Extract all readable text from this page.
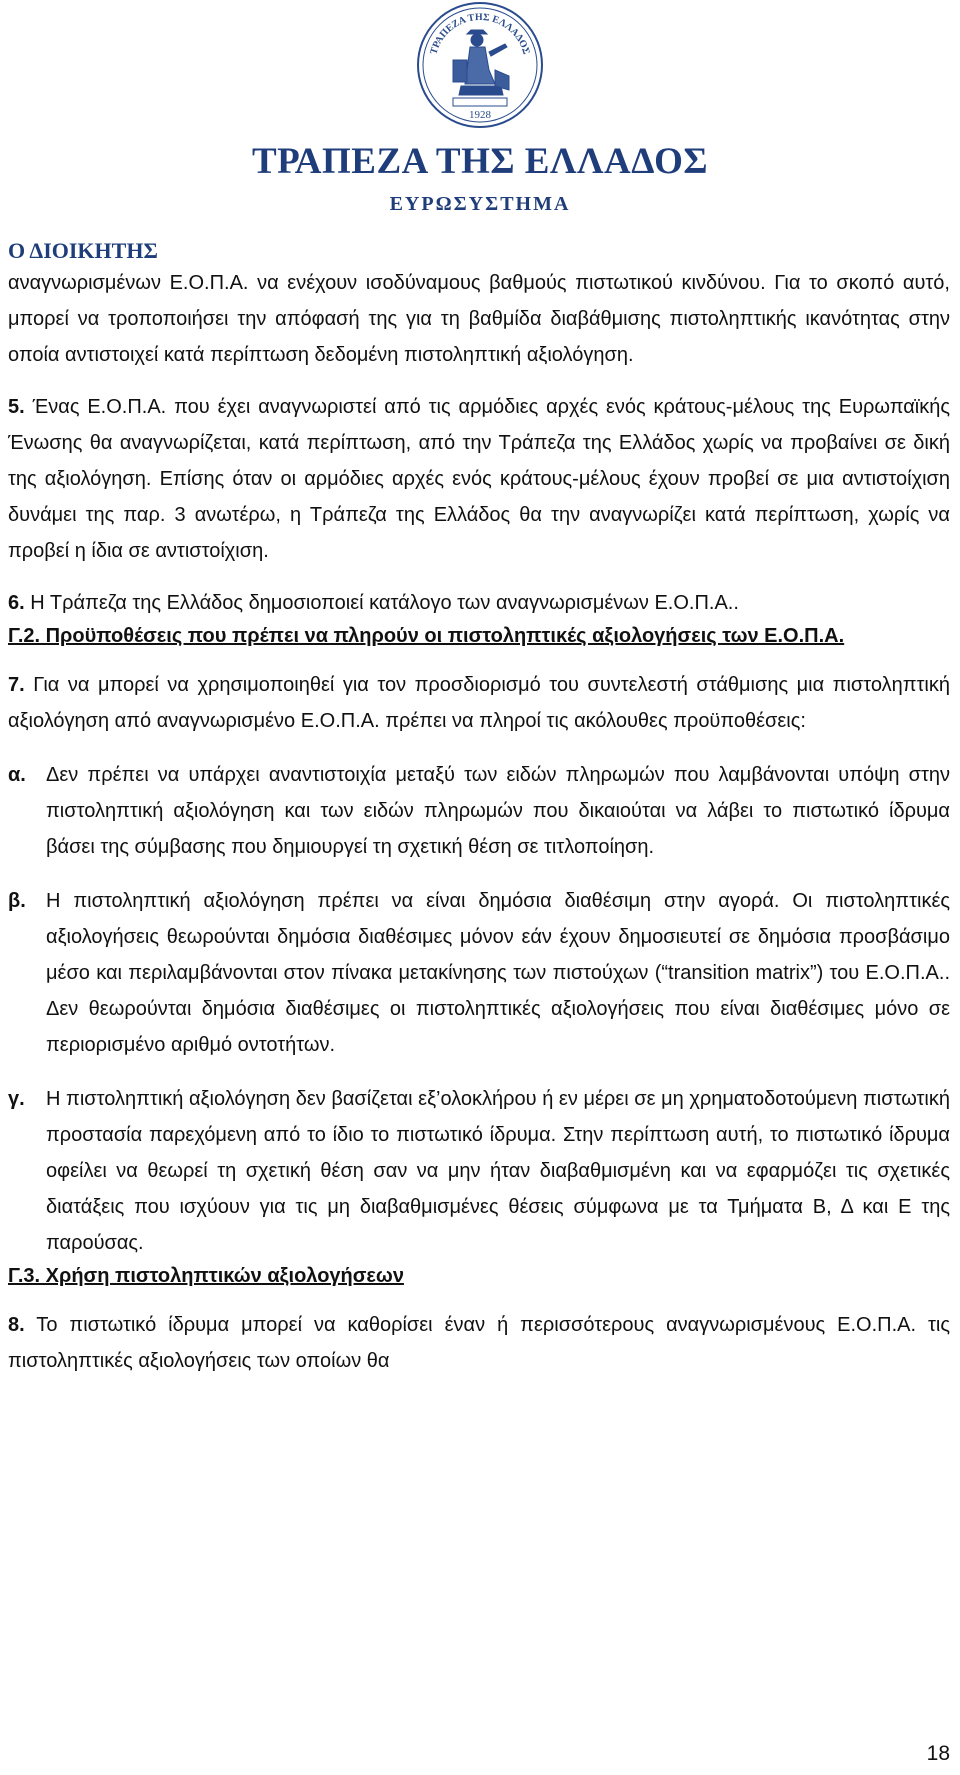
ΤΡΑΠΕΖΑ ΤΗΣ ΕΛΛΑΔΟΣ
1928
ΤΡΑΠΕΖΑ ΤΗΣ ΕΛΛΑΔΟΣ
ΕΥΡΩΣΥΣΤΗΜΑ
Ο ΔΙΟΙΚΗΤΗΣ

αναγνωρισμένων Ε.Ο.Π.Α. να ενέχουν ισοδύναμους βαθμούς πιστωτικού κινδύνου. Για το σκοπό αυτό, μπορεί να τροποποιήσει την απόφασή της για τη βαθμίδα διαβάθμισης πιστοληπτικής ικανότητας στην οποία αντιστοιχεί κατά περίπτωση δεδομένη πιστοληπτική αξιολόγηση.

5. Ένας Ε.Ο.Π.Α. που έχει αναγνωριστεί από τις αρμόδιες αρχές ενός κράτους-μέλους της Ευρωπαϊκής Ένωσης θα αναγνωρίζεται, κατά περίπτωση, από την Τράπεζα της Ελλάδος χωρίς να προβαίνει σε δική της αξιολόγηση. Επίσης όταν οι αρμόδιες αρχές ενός κράτους-μέλους έχουν προβεί σε μια αντιστοίχιση δυνάμει της παρ. 3 ανωτέρω, η Τράπεζα της Ελλάδος θα την αναγνωρίζει κατά περίπτωση, χωρίς να προβεί η ίδια σε αντιστοίχιση.

6. Η Τράπεζα της Ελλάδος δημοσιοποιεί κατάλογο των αναγνωρισμένων Ε.Ο.Π.Α..

Γ.2. Προϋποθέσεις που πρέπει να πληρούν οι πιστοληπτικές αξιολογήσεις των Ε.Ο.Π.Α.

7. Για να μπορεί να χρησιμοποιηθεί για τον προσδιορισμό του συντελεστή στάθμισης μια πιστοληπτική αξιολόγηση από αναγνωρισμένο Ε.Ο.Π.Α. πρέπει να πληροί τις ακόλουθες προϋποθέσεις:

α.	Δεν πρέπει να υπάρχει αναντιστοιχία μεταξύ των ειδών πληρωμών που λαμβάνονται υπόψη στην πιστοληπτική αξιολόγηση και των ειδών πληρωμών που δικαιούται να λάβει το πιστωτικό ίδρυμα βάσει της σύμβασης που δημιουργεί τη σχετική θέση σε τιτλοποίηση.

β.	Η πιστοληπτική αξιολόγηση πρέπει να είναι δημόσια διαθέσιμη στην αγορά. Οι πιστοληπτικές αξιολογήσεις θεωρούνται δημόσια διαθέσιμες μόνον εάν έχουν δημοσιευτεί σε δημόσια προσβάσιμο μέσο και περιλαμβάνονται στον πίνακα μετακίνησης των πιστούχων (“transition matrix”) του Ε.Ο.Π.Α.. Δεν θεωρούνται δημόσια διαθέσιμες οι πιστοληπτικές αξιολογήσεις που είναι διαθέσιμες μόνο σε περιορισμένο αριθμό οντοτήτων.

γ.	Η πιστοληπτική αξιολόγηση δεν βασίζεται εξ’ολοκλήρου ή εν μέρει σε μη χρηματοδοτούμενη πιστωτική προστασία παρεχόμενη από το ίδιο το πιστωτικό ίδρυμα. Στην περίπτωση αυτή, το πιστωτικό ίδρυμα οφείλει να θεωρεί τη σχετική θέση σαν να μην ήταν διαβαθμισμένη και να εφαρμόζει τις σχετικές διατάξεις που ισχύουν για τις μη διαβαθμισμένες θέσεις σύμφωνα με τα Τμήματα Β, Δ και Ε της παρούσας.

Γ.3. Χρήση πιστοληπτικών αξιολογήσεων

8. Το πιστωτικό ίδρυμα μπορεί να καθορίσει έναν ή περισσότερους αναγνωρισμένους Ε.Ο.Π.Α. τις πιστοληπτικές αξιολογήσεις των οποίων θα

18
